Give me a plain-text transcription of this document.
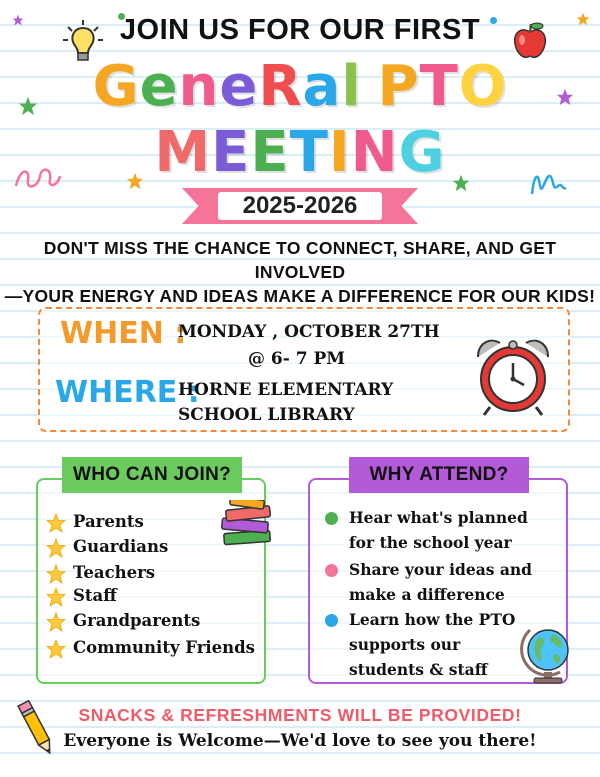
JOIN US FOR OUR FIRST
GeneRal PTO
MEETING
2025-2026
DON'T MISS THE CHANCE TO CONNECT, SHARE, AND GET INVOLVED
—YOUR ENERGY AND IDEAS MAKE A DIFFERENCE FOR OUR KIDS!
WHEN :
WHERE :
MONDAY , OCTOBER 27TH
@ 6- 7 PM
HORNE ELEMENTARY
SCHOOL LIBRARY
WHO CAN JOIN?
Parents
Guardians
Teachers
Staff
Grandparents
Community Friends
WHY ATTEND?
Hear what's planned
for the school year
Share your ideas and
make a difference
Learn how the PTO
supports our
students & staff
SNACKS & REFRESHMENTS WILL BE PROVIDED!
Everyone is Welcome—We'd love to see you there!
